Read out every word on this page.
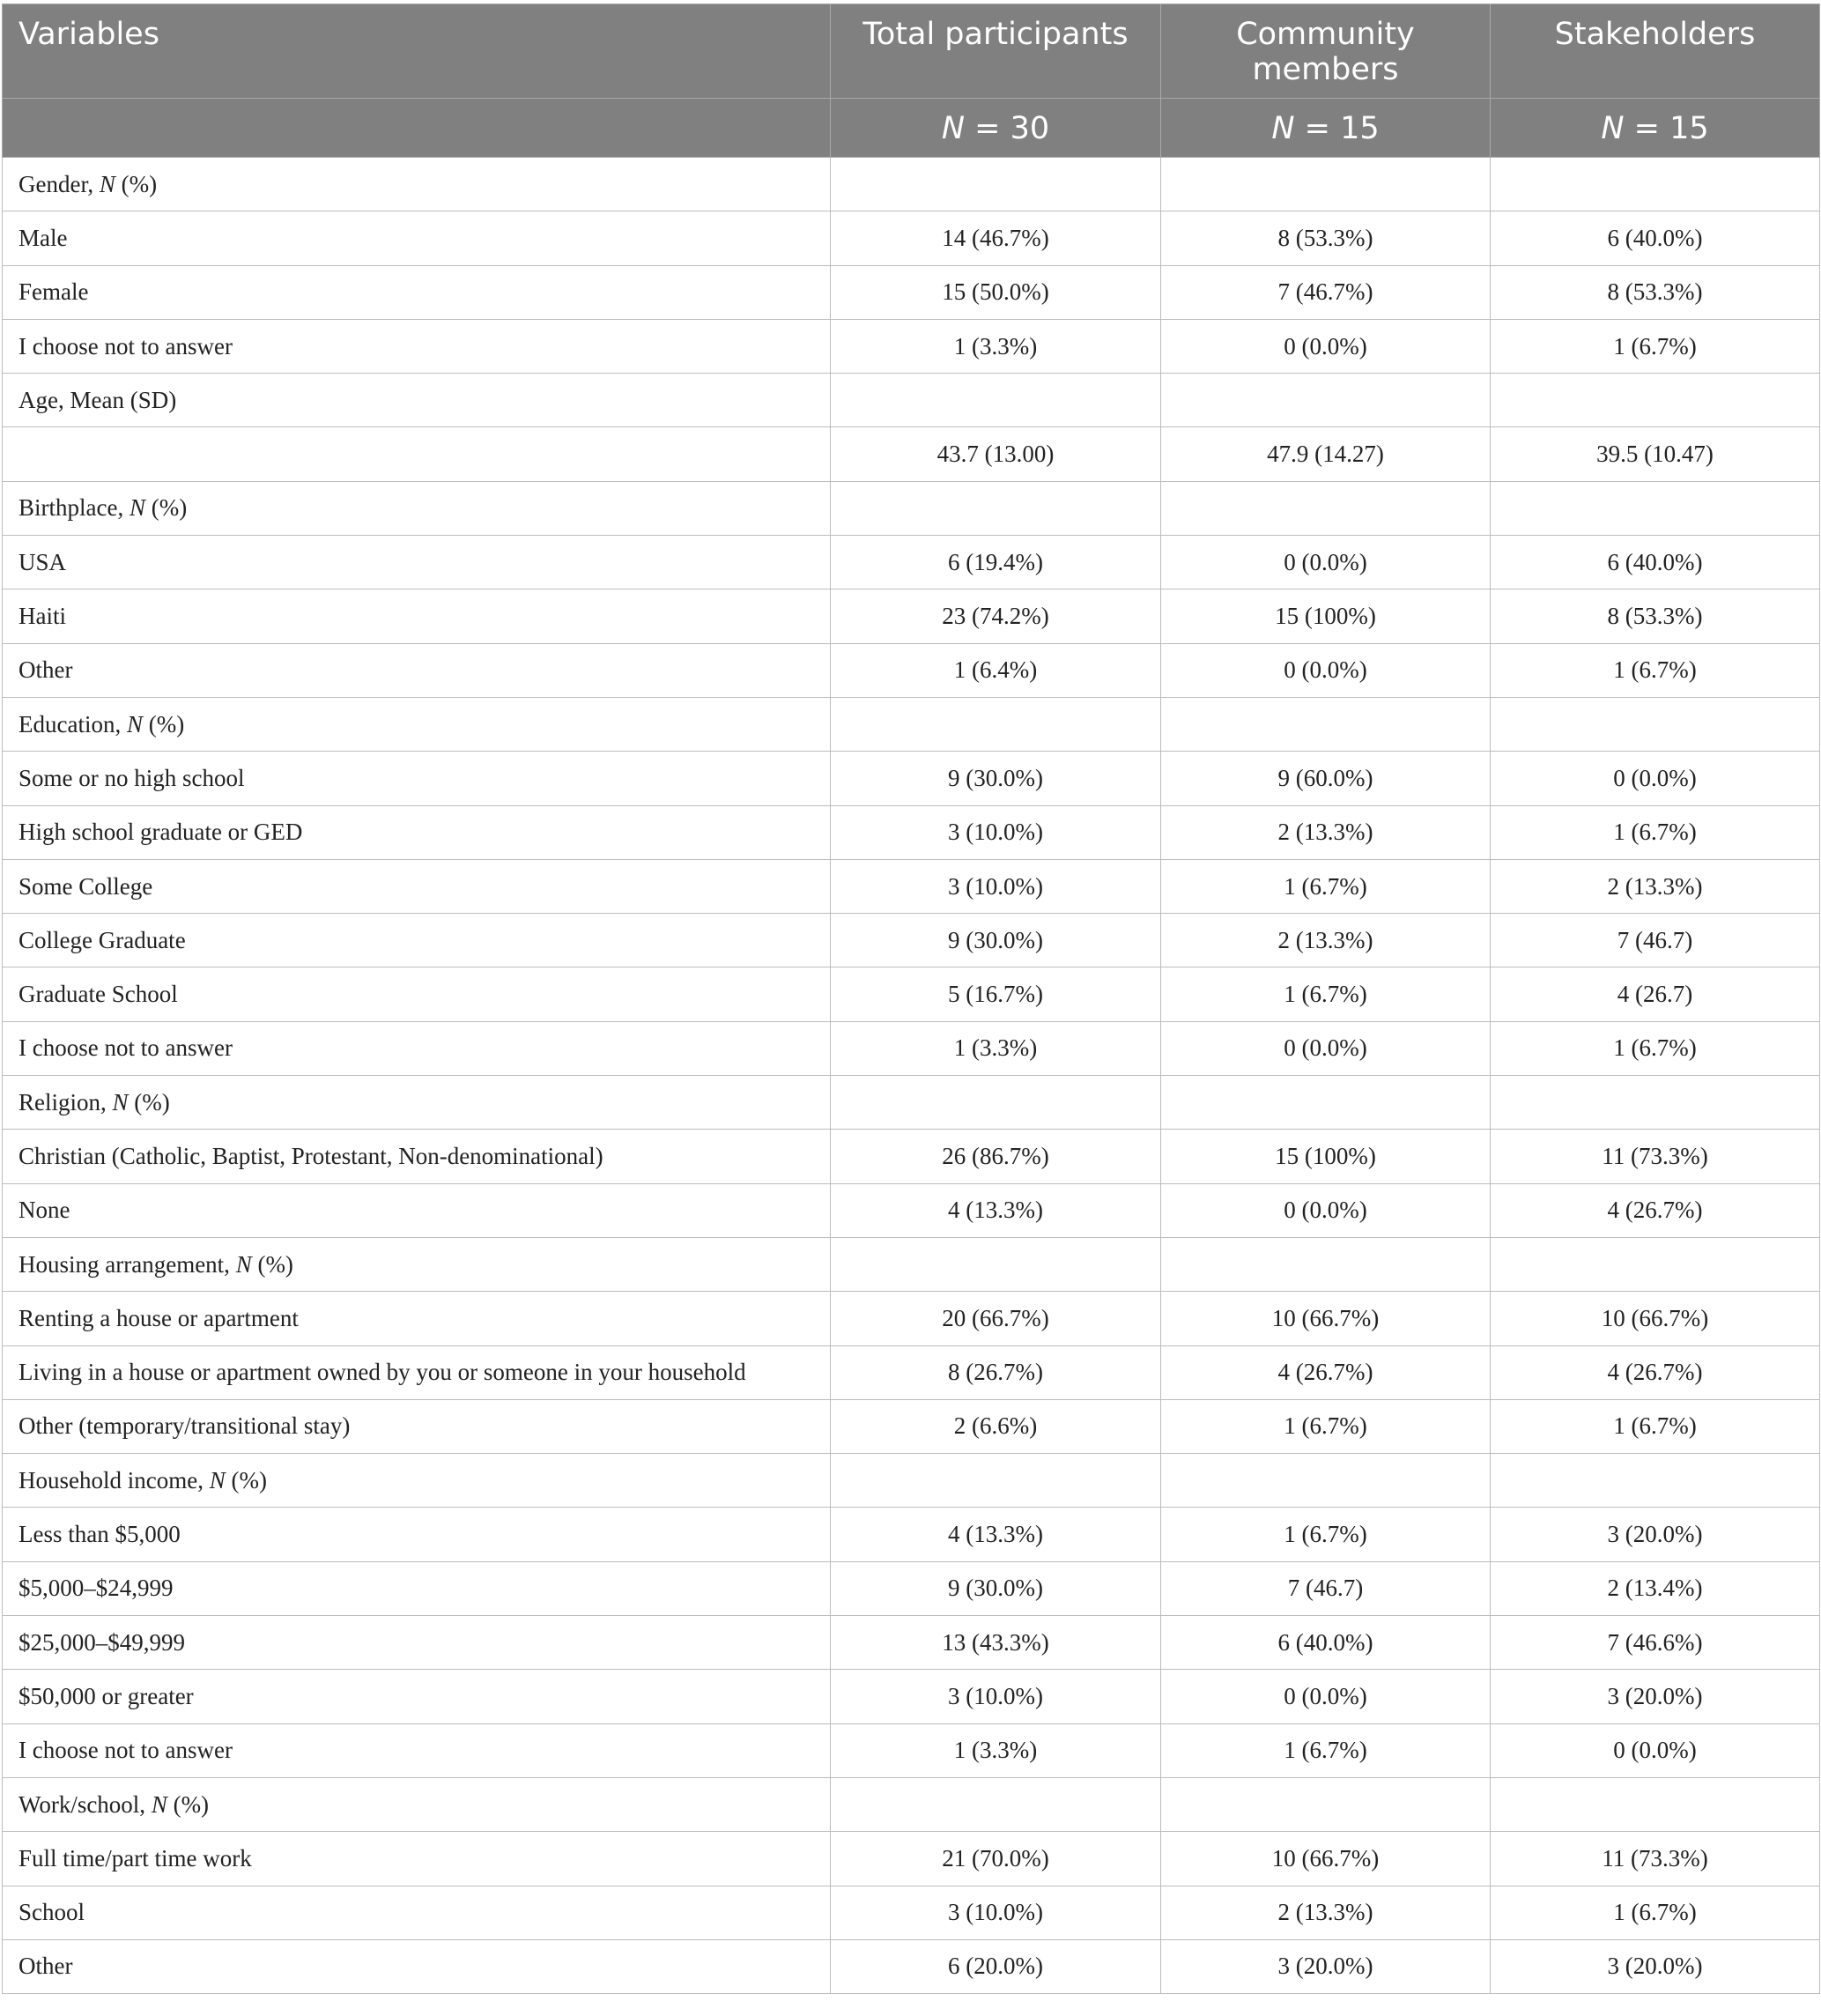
Variables	Total participants	Community members	Stakeholders
	N = 30	N = 15	N = 15
Gender, N (%)			
Male	14 (46.7%)	8 (53.3%)	6 (40.0%)
Female	15 (50.0%)	7 (46.7%)	8 (53.3%)
I choose not to answer	1 (3.3%)	0 (0.0%)	1 (6.7%)
Age, Mean (SD)			
	43.7 (13.00)	47.9 (14.27)	39.5 (10.47)
Birthplace, N (%)			
USA	6 (19.4%)	0 (0.0%)	6 (40.0%)
Haiti	23 (74.2%)	15 (100%)	8 (53.3%)
Other	1 (6.4%)	0 (0.0%)	1 (6.7%)
Education, N (%)			
Some or no high school	9 (30.0%)	9 (60.0%)	0 (0.0%)
High school graduate or GED	3 (10.0%)	2 (13.3%)	1 (6.7%)
Some College	3 (10.0%)	1 (6.7%)	2 (13.3%)
College Graduate	9 (30.0%)	2 (13.3%)	7 (46.7)
Graduate School	5 (16.7%)	1 (6.7%)	4 (26.7)
I choose not to answer	1 (3.3%)	0 (0.0%)	1 (6.7%)
Religion, N (%)			
Christian (Catholic, Baptist, Protestant, Non-denominational)	26 (86.7%)	15 (100%)	11 (73.3%)
None	4 (13.3%)	0 (0.0%)	4 (26.7%)
Housing arrangement, N (%)			
Renting a house or apartment	20 (66.7%)	10 (66.7%)	10 (66.7%)
Living in a house or apartment owned by you or someone in your household	8 (26.7%)	4 (26.7%)	4 (26.7%)
Other (temporary/transitional stay)	2 (6.6%)	1 (6.7%)	1 (6.7%)
Household income, N (%)			
Less than $5,000	4 (13.3%)	1 (6.7%)	3 (20.0%)
$5,000–$24,999	9 (30.0%)	7 (46.7)	2 (13.4%)
$25,000–$49,999	13 (43.3%)	6 (40.0%)	7 (46.6%)
$50,000 or greater	3 (10.0%)	0 (0.0%)	3 (20.0%)
I choose not to answer	1 (3.3%)	1 (6.7%)	0 (0.0%)
Work/school, N (%)			
Full time/part time work	21 (70.0%)	10 (66.7%)	11 (73.3%)
School	3 (10.0%)	2 (13.3%)	1 (6.7%)
Other	6 (20.0%)	3 (20.0%)	3 (20.0%)
